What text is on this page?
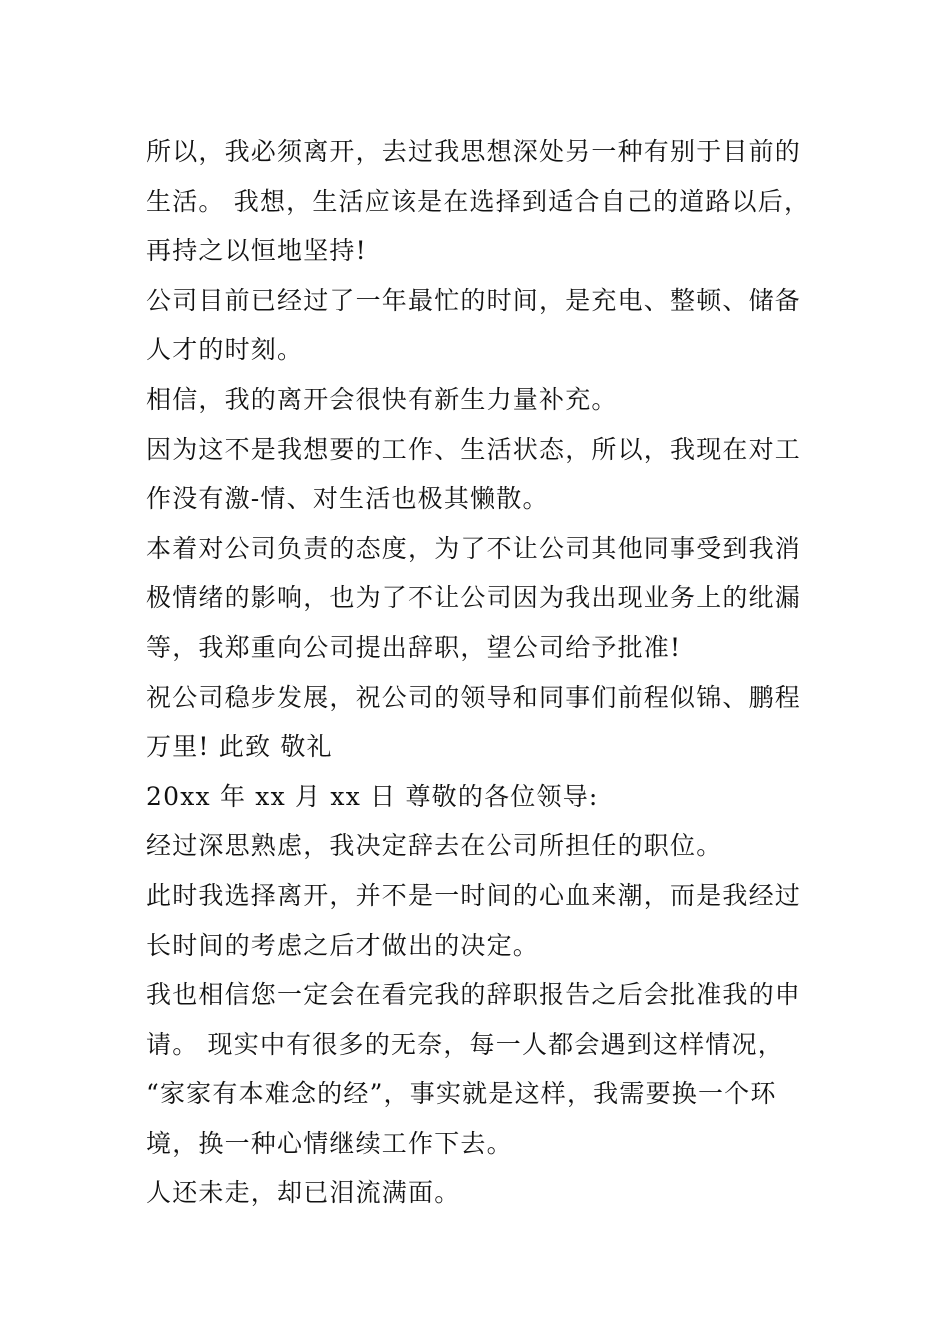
所以，我必须离开，去过我思想深处另一种有别于目前的
生活。 我想，生活应该是在选择到适合自己的道路以后，
再持之以恒地坚持!
公司目前已经过了一年最忙的时间，是充电、整顿、储备
人才的时刻。
相信，我的离开会很快有新生力量补充。
因为这不是我想要的工作、生活状态，所以，我现在对工
作没有激-情、对生活也极其懒散。
本着对公司负责的态度，为了不让公司其他同事受到我消
极情绪的影响，也为了不让公司因为我出现业务上的纰漏
等，我郑重向公司提出辞职，望公司给予批准!
祝公司稳步发展，祝公司的领导和同事们前程似锦、鹏程
万里! 此致 敬礼
20xx 年 xx 月 xx 日 尊敬的各位领导:
经过深思熟虑，我决定辞去在公司所担任的职位。
此时我选择离开，并不是一时间的心血来潮，而是我经过
长时间的考虑之后才做出的决定。
我也相信您一定会在看完我的辞职报告之后会批准我的申
请。 现实中有很多的无奈，每一人都会遇到这样情况，
“家家有本难念的经”，事实就是这样，我需要换一个环
境，换一种心情继续工作下去。
人还未走，却已泪流满面。
